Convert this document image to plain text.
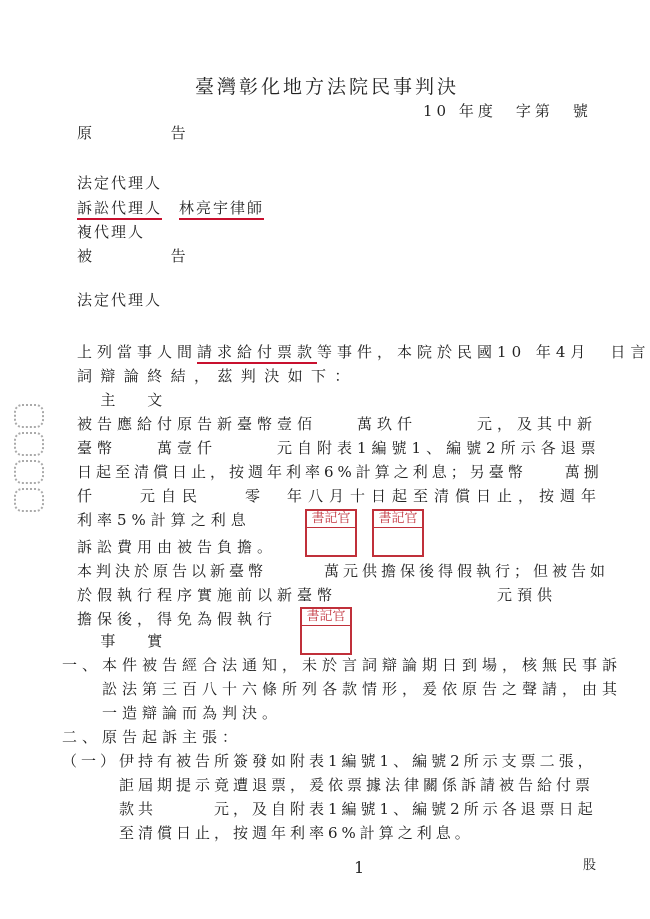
臺灣彰化地方法院民事判決
10 年度　字第　號
原　　　告
法定代理人
訴訟代理人　 林亮宇律師
複代理人
被　　　告
法定代理人
上列當事人間請求給付票款等事件，本院於民國10 年4月　日言
詞辯論終結，茲判決如下：
　主　文
被告應給付原告新臺幣壹佰　　萬玖仟　　　元，及其中新
臺幣　　萬壹仟　　　元自附表1編號1、編號2所示各退票
日起至清償日止，按週年利率6%計算之利息；另臺幣　　萬捌
仟　　元自民　　零　年八月十日起至清償日止，按週年
利率5%計算之利息
訴訟費用由被告負擔。
本判決於原告以新臺幣　　　萬元供擔保後得假執行；但被告如
於假執行程序實施前以新臺幣　　　　　　　　元預供
擔保後，得免為假執行
　事　實
一、本件被告經合法通知，未於言詞辯論期日到場，核無民事訴
　　訟法第三百八十六條所列各款情形，爰依原告之聲請，由其
　　一造辯論而為判決。
二、原告起訴主張：
（一）伊持有被告所簽發如附表1編號1、編號2所示支票二張，
　　　詎屆期提示竟遭退票，爰依票據法律關係訴請被告給付票
　　　款共　　　元，及自附表1編號1、編號2所示各退票日起
　　　至清償日止，按週年利率6%計算之利息。
書記官	書記官
書記官
1	股
